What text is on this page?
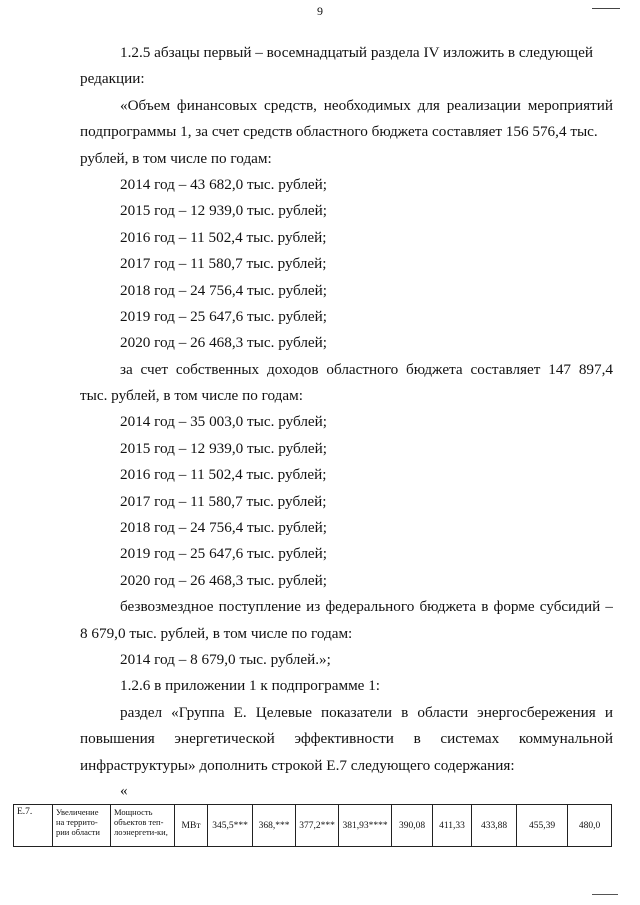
9
1.2.5 абзацы первый – восемнадцатый раздела IV изложить в следующей
редакции:
«Объем финансовых средств, необходимых для реализации мероприятий
подпрограммы 1, за счет средств областного бюджета составляет 156 576,4 тыс.
рублей, в том числе по годам:
2014 год – 43 682,0 тыс. рублей;
2015 год – 12 939,0 тыс. рублей;
2016 год – 11 502,4 тыс. рублей;
2017 год – 11 580,7 тыс. рублей;
2018 год – 24 756,4 тыс. рублей;
2019 год – 25 647,6 тыс. рублей;
2020 год – 26 468,3 тыс. рублей;
за счет собственных доходов областного бюджета составляет 147 897,4
тыс. рублей, в том числе по годам:
2014 год – 35 003,0 тыс. рублей;
2015 год – 12 939,0 тыс. рублей;
2016 год – 11 502,4 тыс. рублей;
2017 год – 11 580,7 тыс. рублей;
2018 год – 24 756,4 тыс. рублей;
2019 год – 25 647,6 тыс. рублей;
2020 год – 26 468,3 тыс. рублей;
безвозмездное поступление из федерального бюджета в форме субсидий –
8 679,0 тыс. рублей, в том числе по годам:
2014 год – 8 679,0 тыс. рублей.»;
1.2.6 в приложении 1 к подпрограмме 1:
раздел «Группа Е. Целевые показатели в области энергосбережения и
повышения энергетической эффективности в системах коммунальной
инфраструктуры» дополнить строкой Е.7 следующего содержания:
«
Е.7.	Увеличение на террито-рии области	Мощность объектов теп-лоэнергети-ки,	МВт	345,5***	368,***	377,2***	381,93****	390,08	411,33	433,88	455,39	480,0
